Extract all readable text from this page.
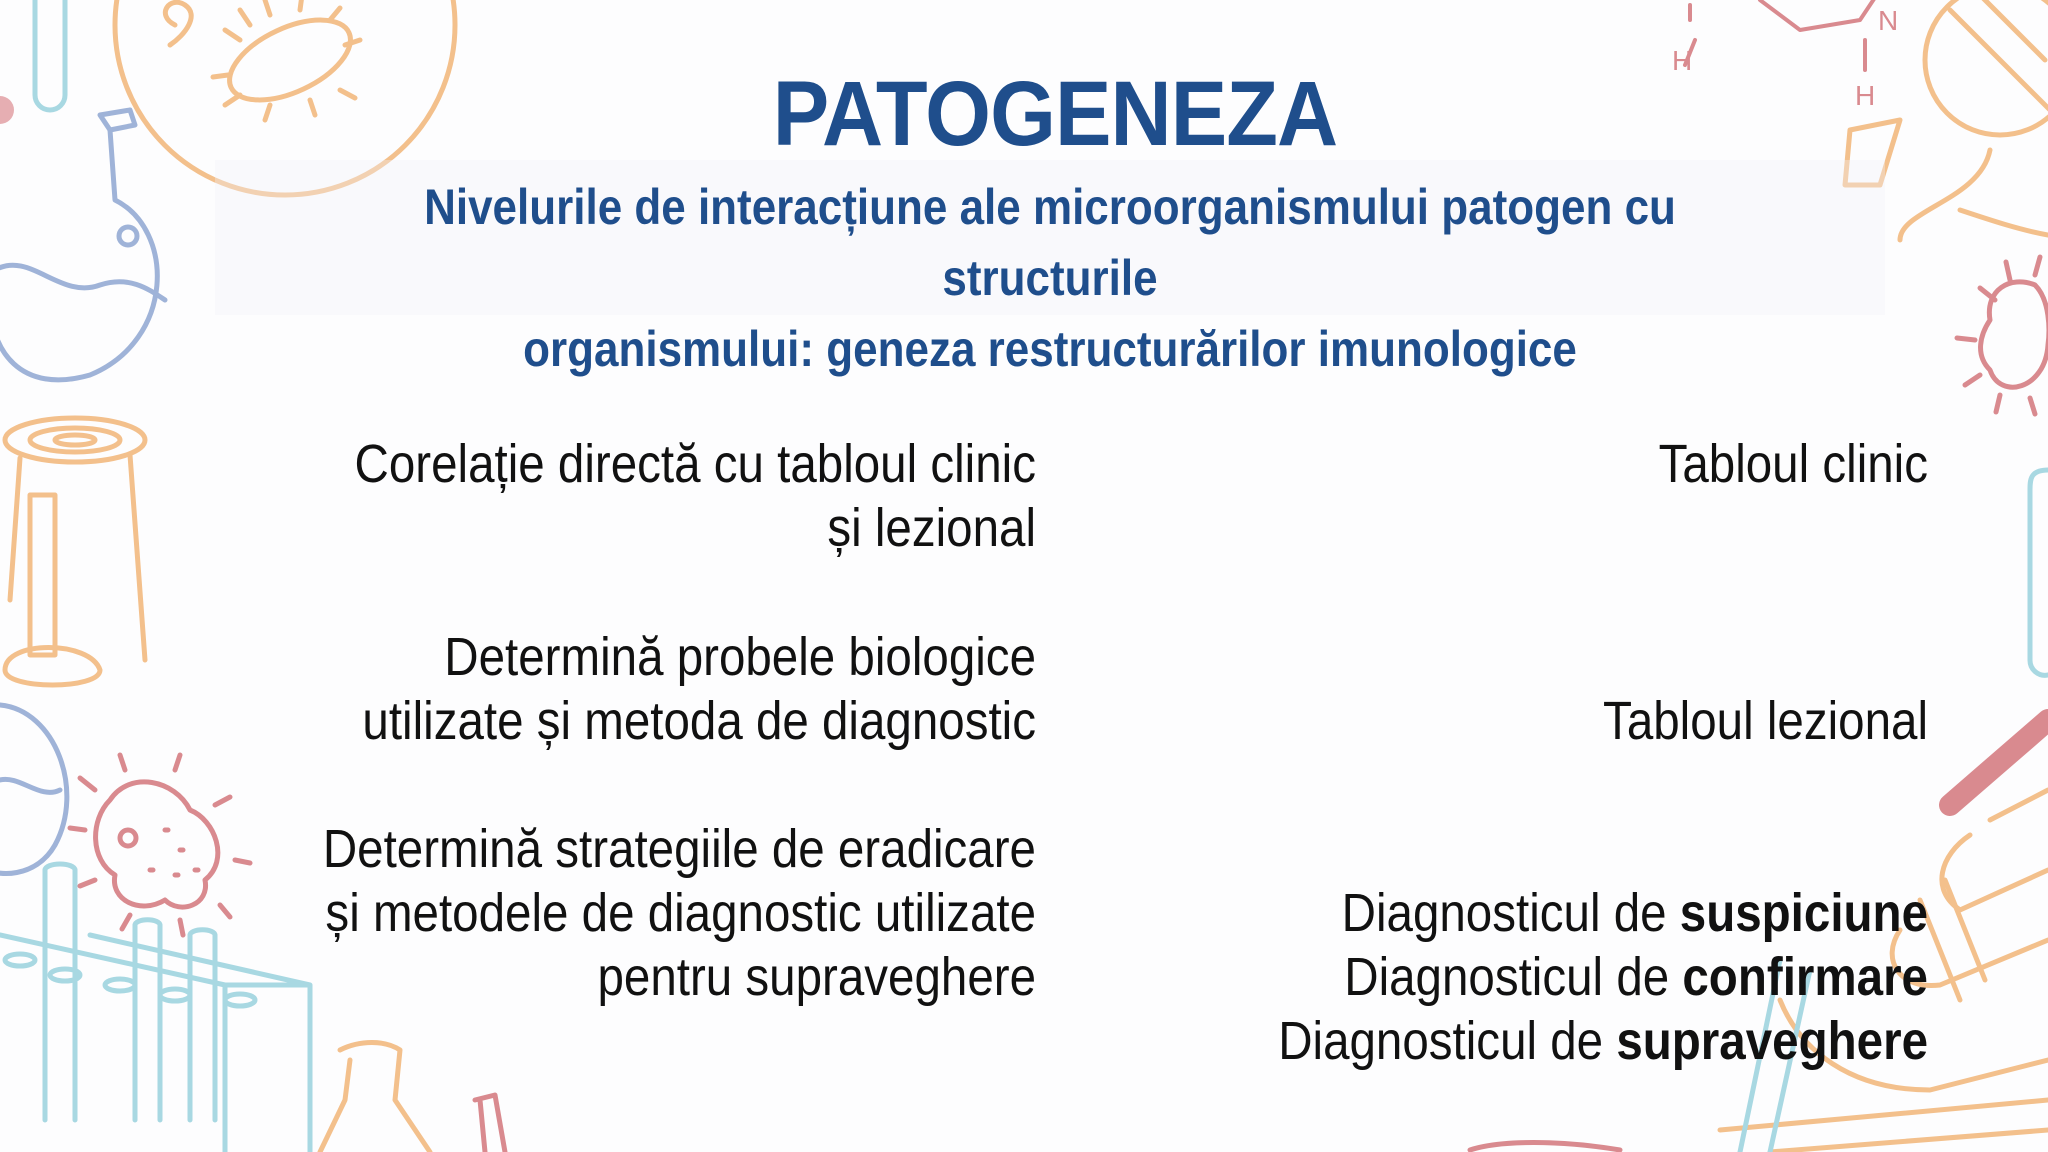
H
H
N
PATOGENEZA
Nivelurile de interacțiune ale microorganismului patogen cu structurile
organismului: geneza restructurărilor imunologice
Corelație directă cu tabloul clinic
și lezional
Determină probele biologice
utilizate și metoda de diagnostic
Determină strategiile de eradicare
și metodele de diagnostic utilizate
pentru supraveghere
Tabloul clinic
Tabloul lezional
Diagnosticul de suspiciune
Diagnosticul de confirmare
Diagnosticul de supraveghere
